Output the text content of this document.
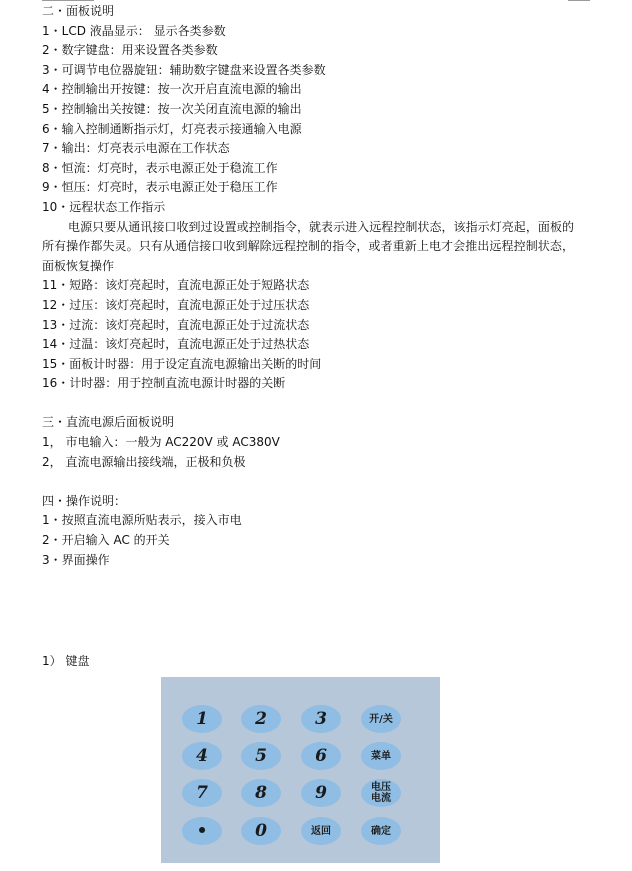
二・面板说明
1・LCD 液晶显示： 显示各类参数
2・数字键盘：用来设置各类参数
3・可调节电位器旋钮：辅助数字键盘来设置各类参数
4・控制输出开按键：按一次开启直流电源的输出
5・控制输出关按键：按一次关闭直流电源的输出
6・输入控制通断指示灯，灯亮表示接通输入电源
7・输出：灯亮表示电源在工作状态
8・恒流：灯亮时，表示电源正处于稳流工作
9・恒压：灯亮时，表示电源正处于稳压工作
10・远程状态工作指示
电源只要从通讯接口收到过设置或控制指令，就表示进入远程控制状态，该指示灯亮起，面板的所有操作都失灵。只有从通信接口收到解除远程控制的指令，或者重新上电才会推出远程控制状态，面板恢复操作
11・短路：该灯亮起时，直流电源正处于短路状态
12・过压：该灯亮起时，直流电源正处于过压状态
13・过流：该灯亮起时，直流电源正处于过流状态
14・过温：该灯亮起时，直流电源正处于过热状态
15・面板计时器：用于设定直流电源输出关断的时间
16・计时器：用于控制直流电源计时器的关断
三・直流电源后面板说明
1， 市电输入：一般为 AC220V 或 AC380V
2， 直流电源输出接线端，正极和负极
四・操作说明：
1・按照直流电源所贴表示，接入市电
2・开启输入 AC 的开关
3・界面操作
1） 键盘
1	2	3	开/关
4	5	6	菜单
7	8	9	电压
电流
•	0	返回	确定
